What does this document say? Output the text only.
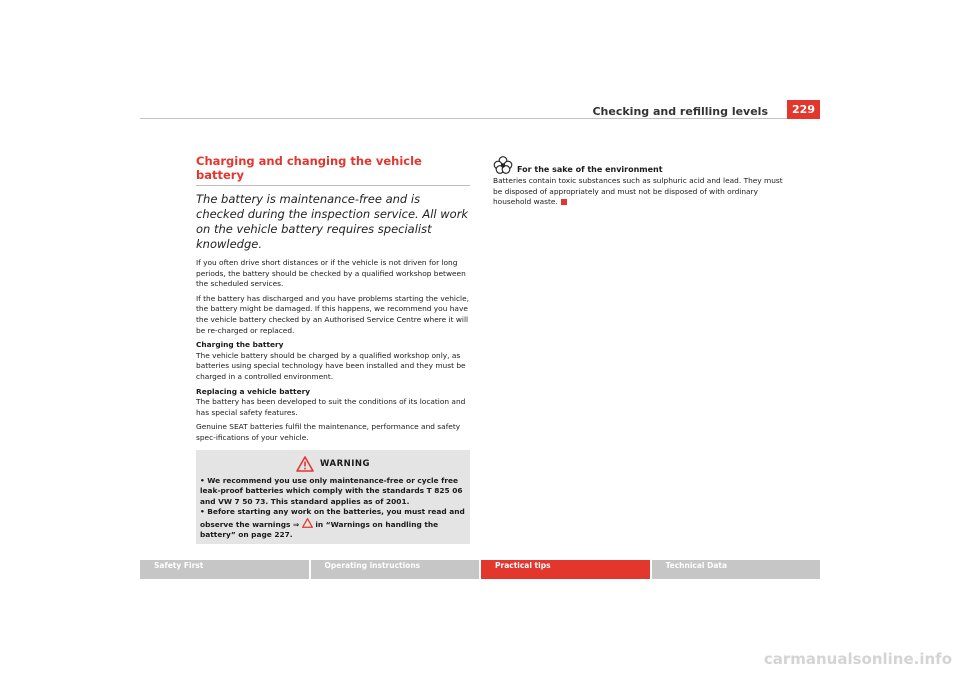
Checking and refilling levels	229
Charging and changing the vehicle battery
The battery is maintenance-free and is checked during the inspection service. All work on the vehicle battery requires specialist knowledge.

If you often drive short distances or if the vehicle is not driven for long periods, the battery should be checked by a qualified workshop between the scheduled services.

If the battery has discharged and you have problems starting the vehicle, the battery might be damaged. If this happens, we recommend you have the vehicle battery checked by an Authorised Service Centre where it will be re-charged or replaced.

Charging the battery

The vehicle battery should be charged by a qualified workshop only, as batteries using special technology have been installed and they must be charged in a controlled environment.

Replacing a vehicle battery

The battery has been developed to suit the conditions of its location and has special safety features.

Genuine SEAT batteries fulfil the maintenance, performance and safety spec-ifications of your vehicle.

WARNING

• We recommend you use only maintenance-free or cycle free leak-proof batteries which comply with the standards T 825 06 and VW 7 50 73. This standard applies as of 2001.

• Before starting any work on the batteries, you must read and observe the warnings ⇒ in “Warnings on handling the battery” on page 227.

For the sake of the environment

Batteries contain toxic substances such as sulphuric acid and lead. They must be disposed of appropriately and must not be disposed of with ordinary household waste.

Safety First	Operating instructions	Practical tips	Technical Data
carmanualsonline.info
